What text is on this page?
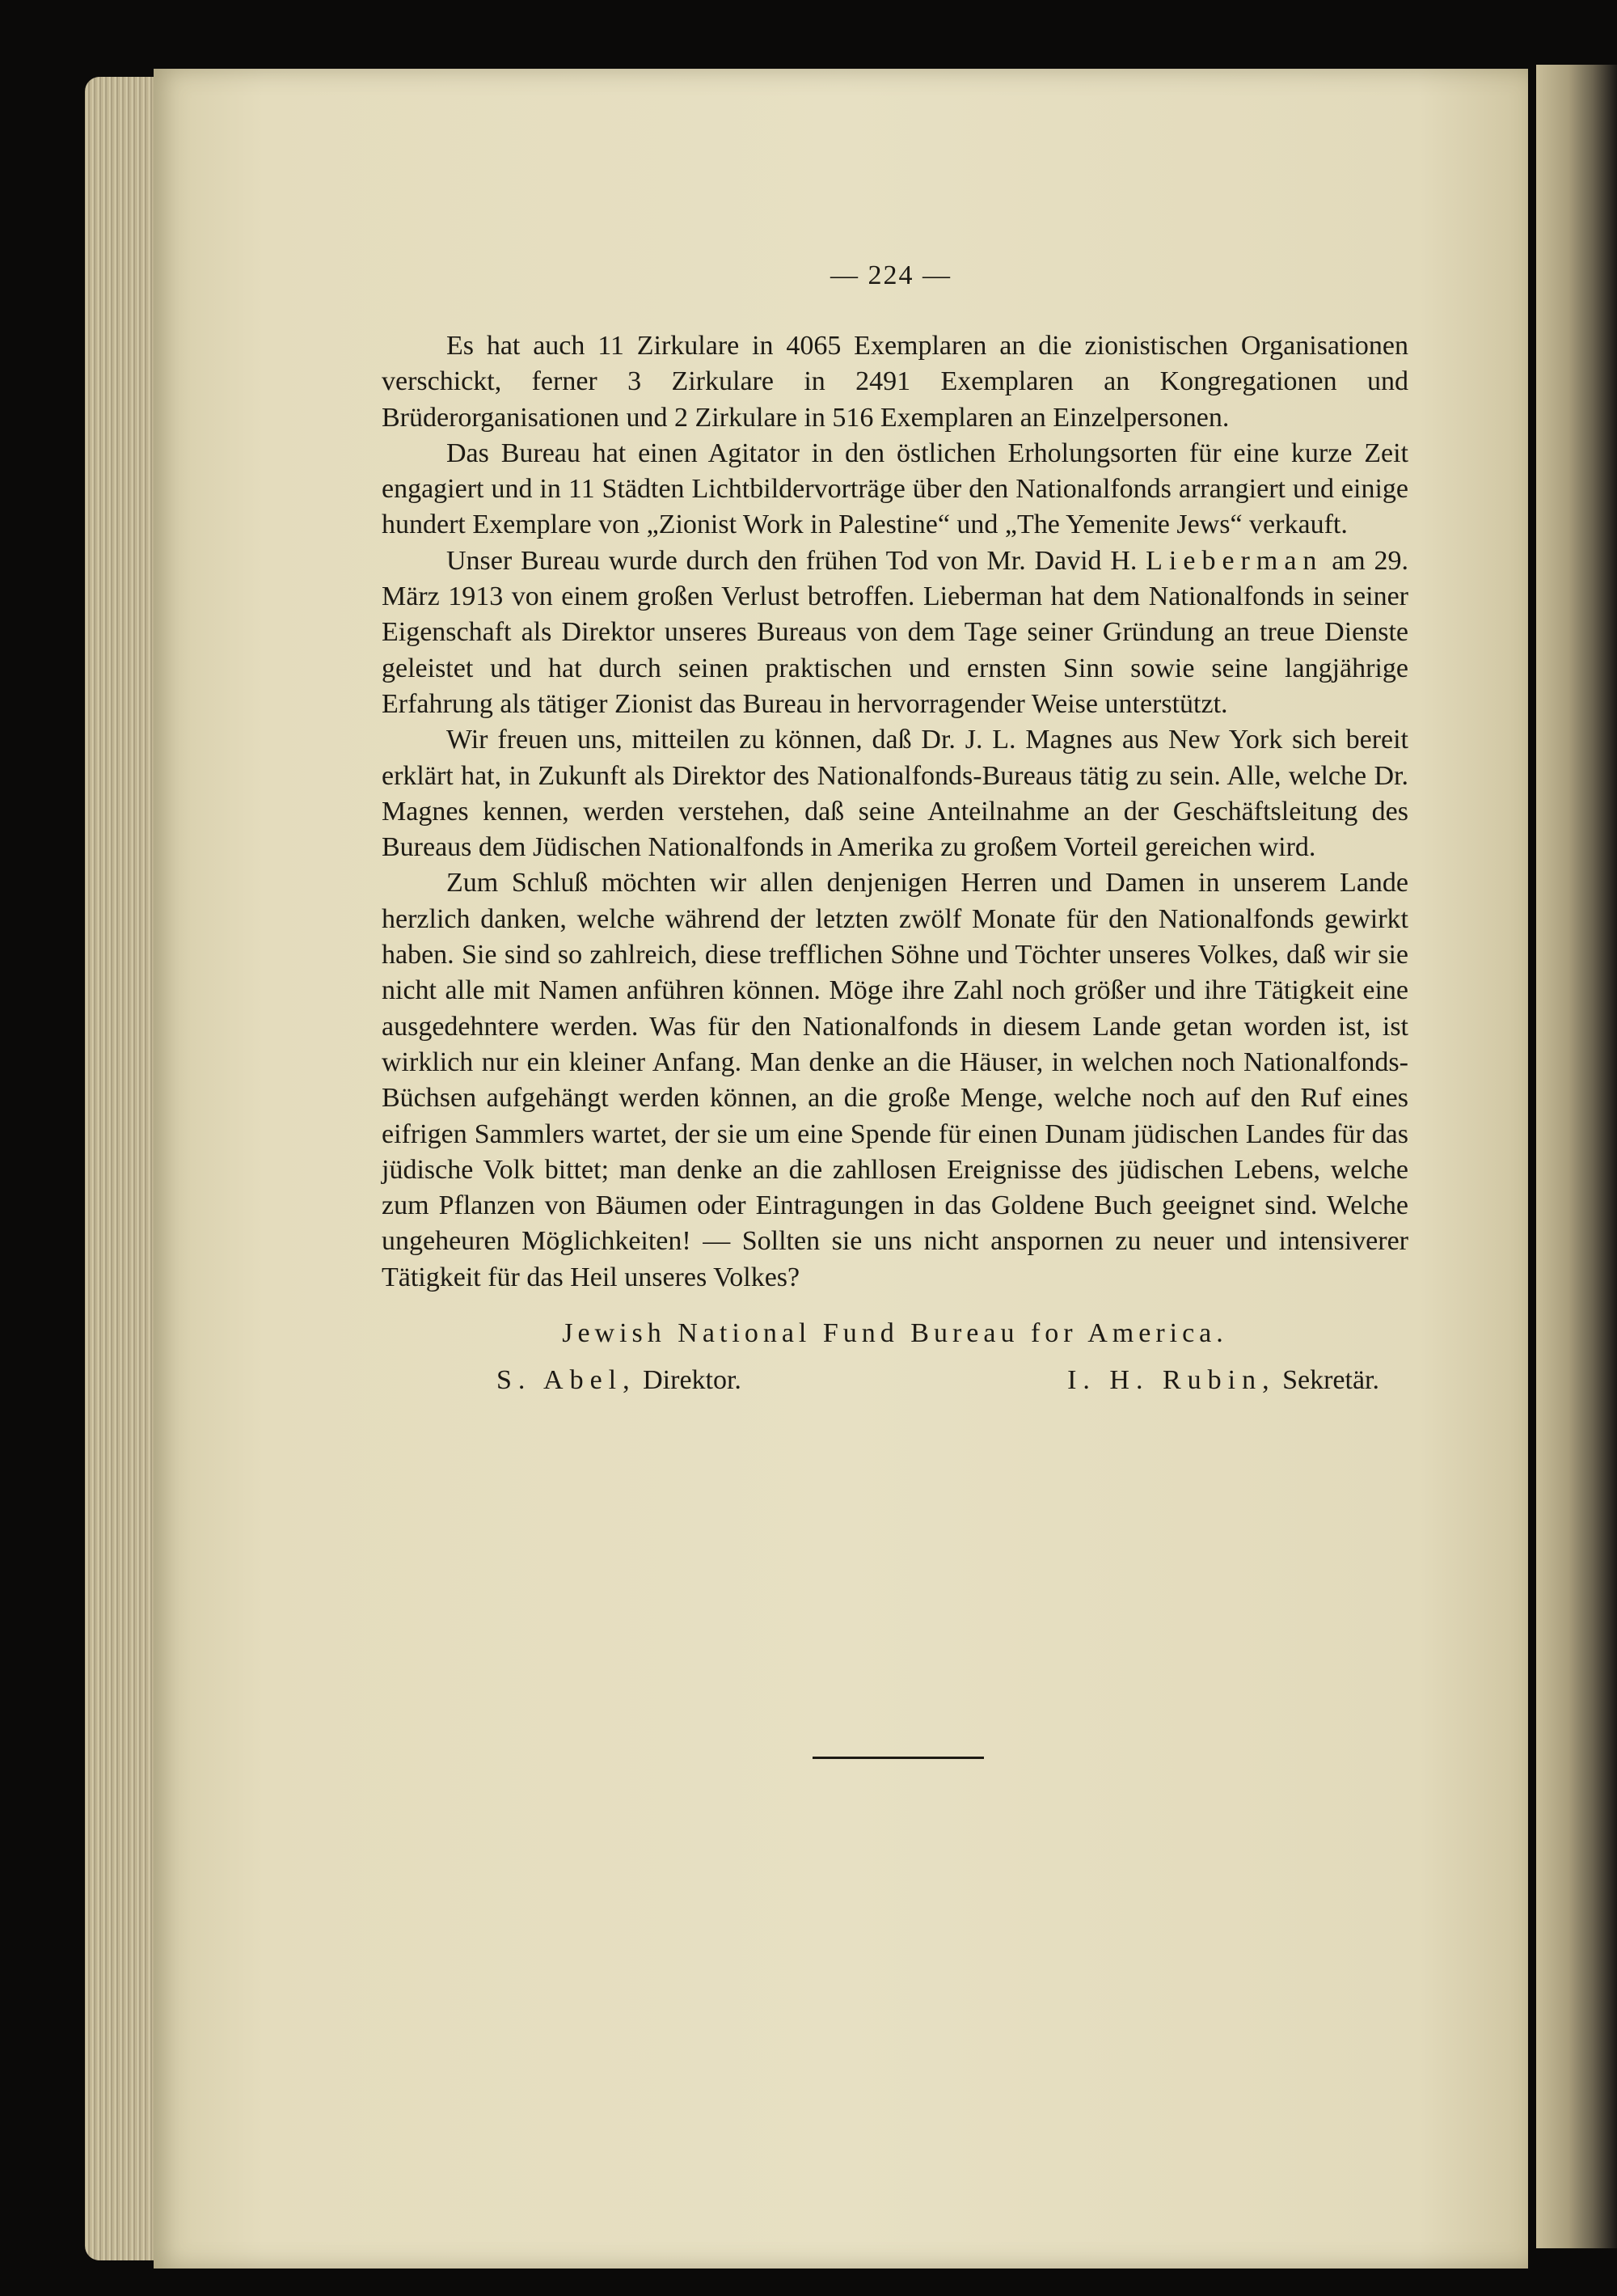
— 224 —

Es hat auch 11 Zirkulare in 4065 Exemplaren an die zionistischen Organisationen verschickt, ferner 3 Zirkulare in 2491 Exemplaren an Kongregationen und Brüderorganisationen und 2 Zirkulare in 516 Exemplaren an Einzelpersonen.

Das Bureau hat einen Agitator in den östlichen Erholungsorten für eine kurze Zeit engagiert und in 11 Städten Lichtbildervorträge über den Nationalfonds arrangiert und einige hundert Exemplare von „Zionist Work in Palestine“ und „The Yemenite Jews“ verkauft.

Unser Bureau wurde durch den frühen Tod von Mr. David H. Lieberman am 29. März 1913 von einem großen Verlust betroffen. Lieberman hat dem Nationalfonds in seiner Eigenschaft als Direktor unseres Bureaus von dem Tage seiner Gründung an treue Dienste geleistet und hat durch seinen praktischen und ernsten Sinn sowie seine langjährige Erfahrung als tätiger Zionist das Bureau in hervorragender Weise unterstützt.

Wir freuen uns, mitteilen zu können, daß Dr. J. L. Magnes aus New York sich bereit erklärt hat, in Zukunft als Direktor des Nationalfonds-Bureaus tätig zu sein. Alle, welche Dr. Magnes kennen, werden verstehen, daß seine Anteilnahme an der Geschäftsleitung des Bureaus dem Jüdischen Nationalfonds in Amerika zu großem Vorteil gereichen wird.

Zum Schluß möchten wir allen denjenigen Herren und Damen in unserem Lande herzlich danken, welche während der letzten zwölf Monate für den Nationalfonds gewirkt haben. Sie sind so zahlreich, diese trefflichen Söhne und Töchter unseres Volkes, daß wir sie nicht alle mit Namen anführen können. Möge ihre Zahl noch größer und ihre Tätigkeit eine ausgedehntere werden. Was für den Nationalfonds in diesem Lande getan worden ist, ist wirklich nur ein kleiner Anfang. Man denke an die Häuser, in welchen noch Nationalfonds-Büchsen aufgehängt werden können, an die große Menge, welche noch auf den Ruf eines eifrigen Sammlers wartet, der sie um eine Spende für einen Dunam jüdischen Landes für das jüdische Volk bittet; man denke an die zahllosen Ereignisse des jüdischen Lebens, welche zum Pflanzen von Bäumen oder Eintragungen in das Goldene Buch geeignet sind. Welche ungeheuren Möglichkeiten! — Sollten sie uns nicht anspornen zu neuer und intensiverer Tätigkeit für das Heil unseres Volkes?

Jewish National Fund Bureau for America.

S. Abel, Direktor.	I. H. Rubin, Sekretär.
